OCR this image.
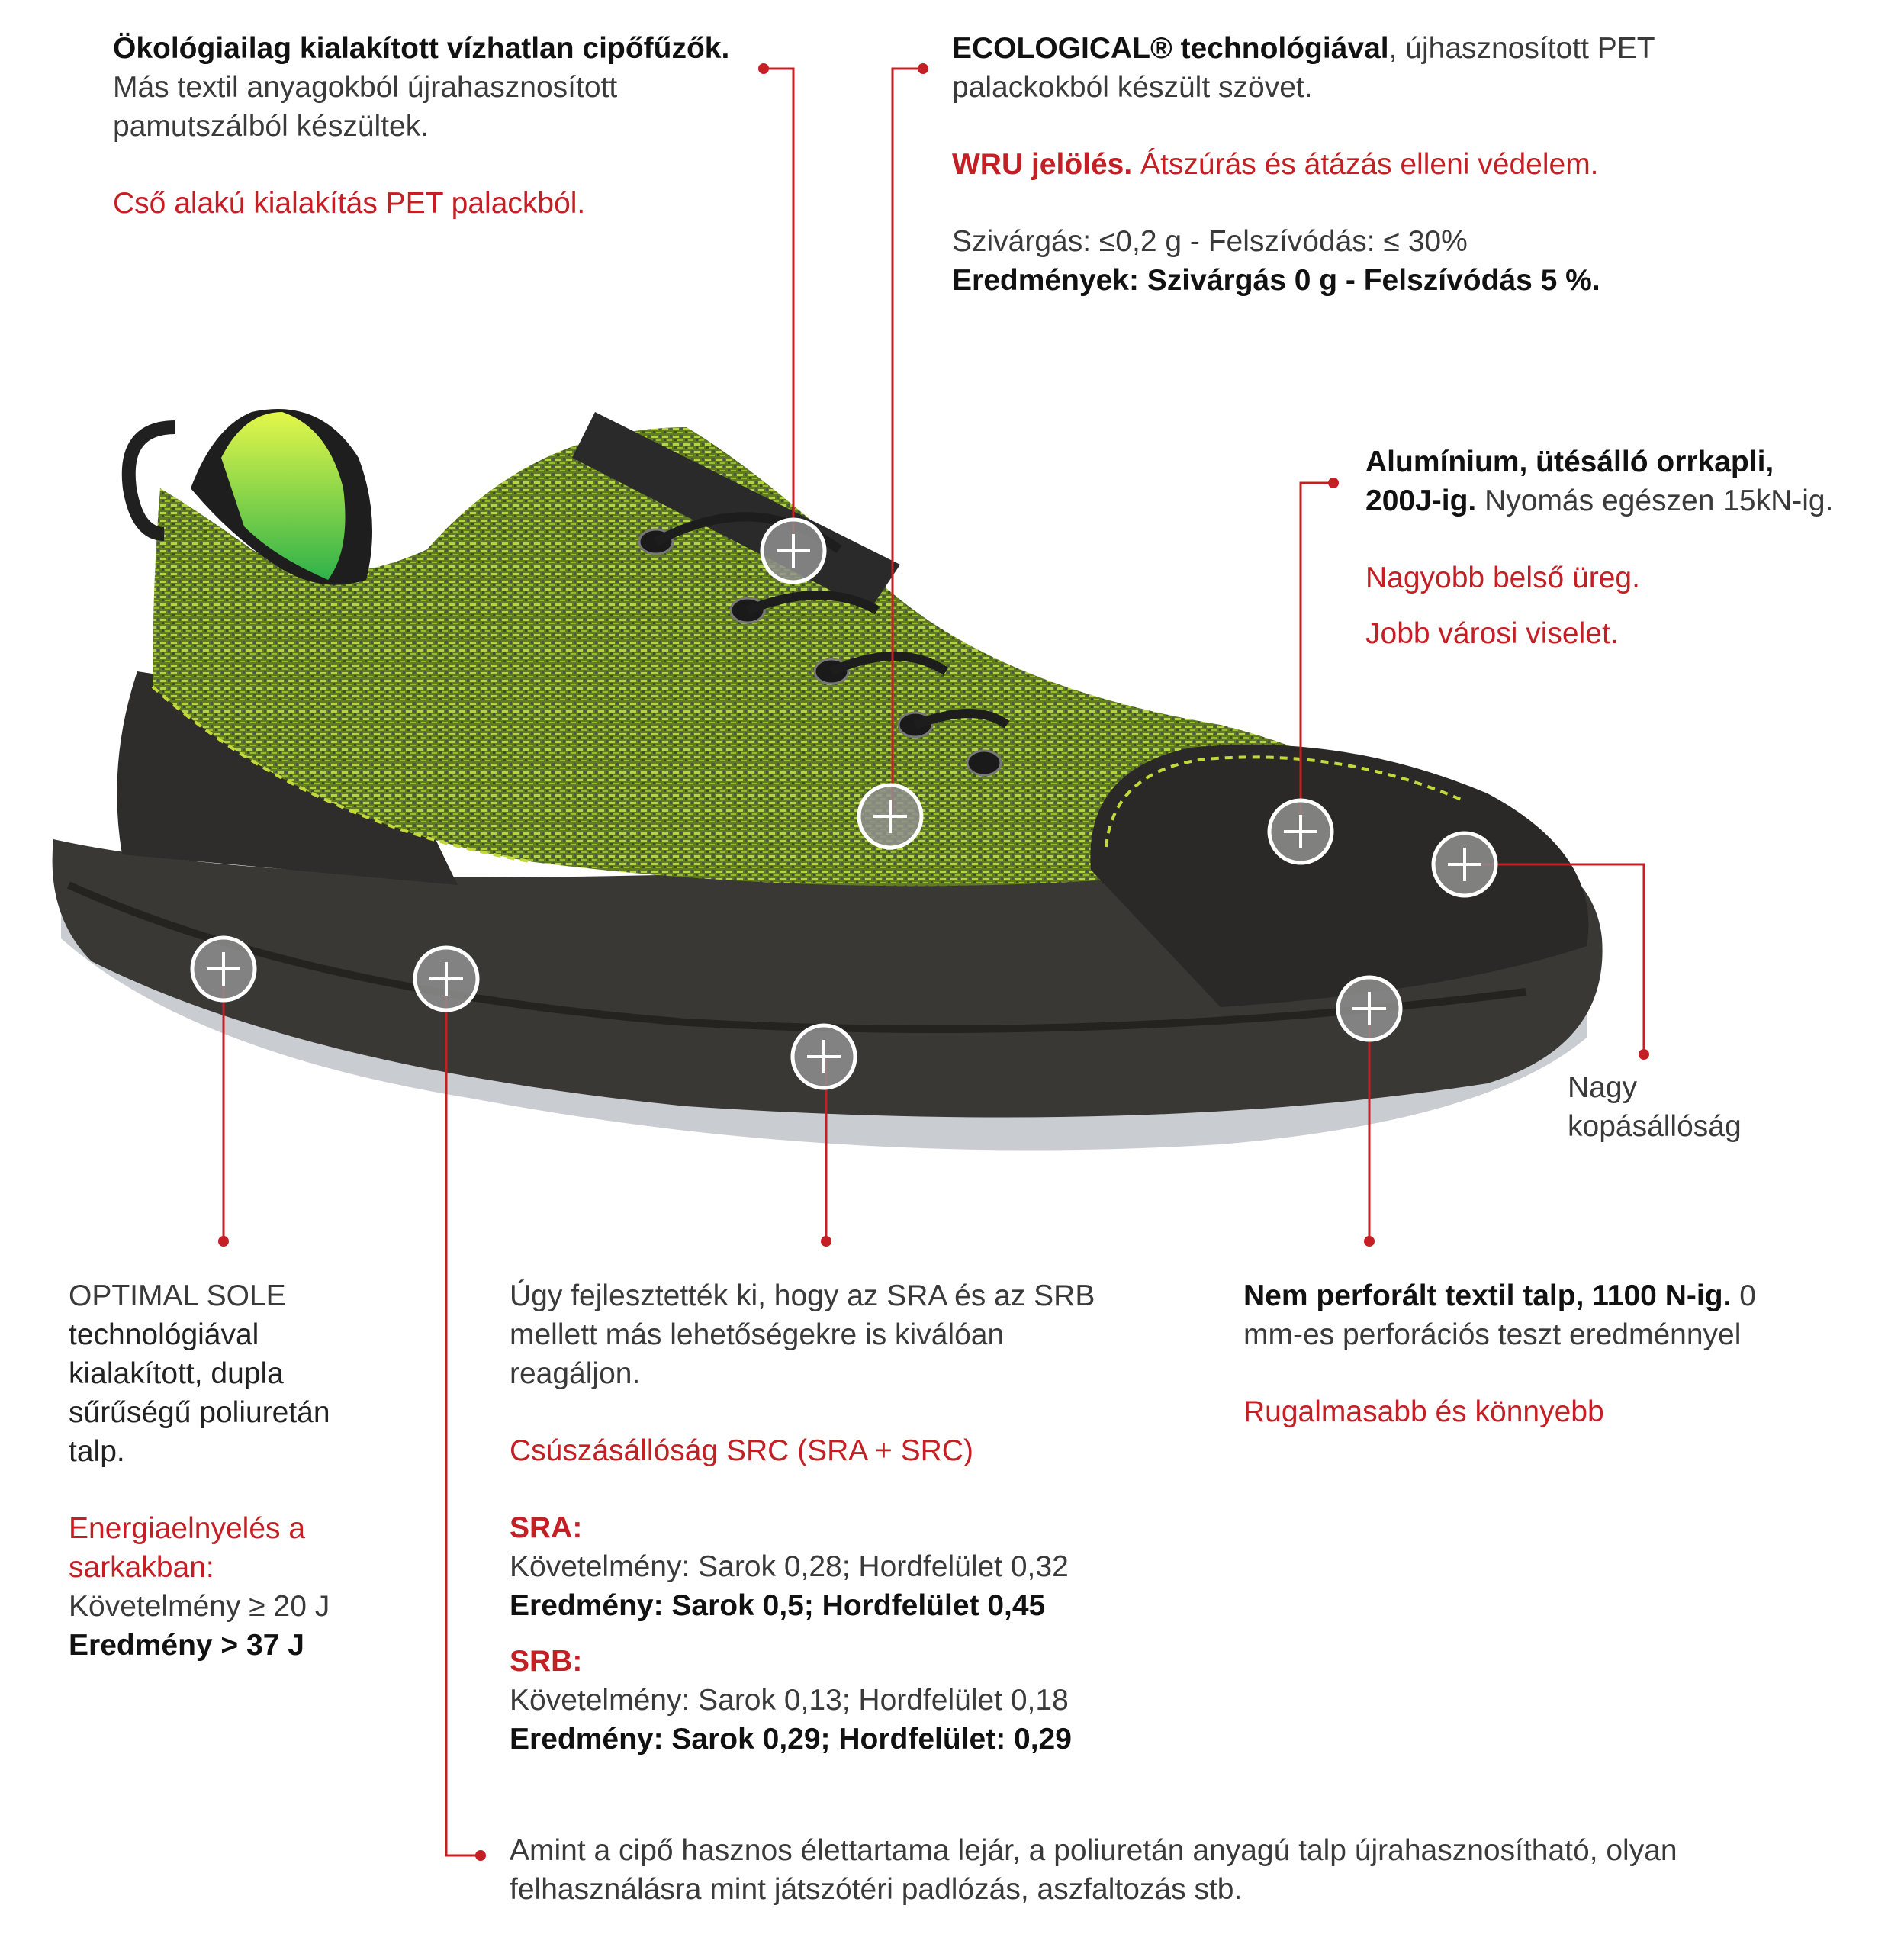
Ökológiailag kialakított vízhatlan cipőfűzők. Más textil anyagokból újrahasznosított pamutszálból készültek.

Cső alakú kialakítás PET palackból.

ECOLOGICAL® technológiával, újhasznosított PET palackokból készült szövet.

WRU jelölés. Átszúrás és átázás elleni védelem.

Szivárgás: ≤0,2 g - Felszívódás: ≤ 30%

Eredmények: Szivárgás 0 g - Felszívódás 5 %.

Alumínium, ütésálló orrkapli, 200J-ig. Nyomás egészen 15kN-ig.

Nagyobb belső üreg.

Jobb városi viselet.

Nagy kopásállóság

OPTIMAL SOLE

technológiával kialakított, dupla sűrűségű poliuretán talp.

Energiaelnyelés a sarkakban:

Követelmény ≥ 20 J

Eredmény > 37 J

Úgy fejlesztették ki, hogy az SRA és az SRB mellett más lehetőségekre is kiválóan reagáljon.

Csúszásállóság SRC (SRA + SRC)

SRA:

Követelmény: Sarok 0,28; Hordfelület 0,32

Eredmény: Sarok 0,5; Hordfelület 0,45

SRB:

Követelmény: Sarok 0,13; Hordfelület 0,18

Eredmény: Sarok 0,29; Hordfelület: 0,29

Nem perforált textil talp, 1100 N-ig. 0 mm-es perforációs teszt eredménnyel

Rugalmasabb és könnyebb

Amint a cipő hasznos élettartama lejár, a poliuretán anyagú talp újrahasznosítható, olyan felhasználásra mint játszótéri padlózás, aszfaltozás stb.
